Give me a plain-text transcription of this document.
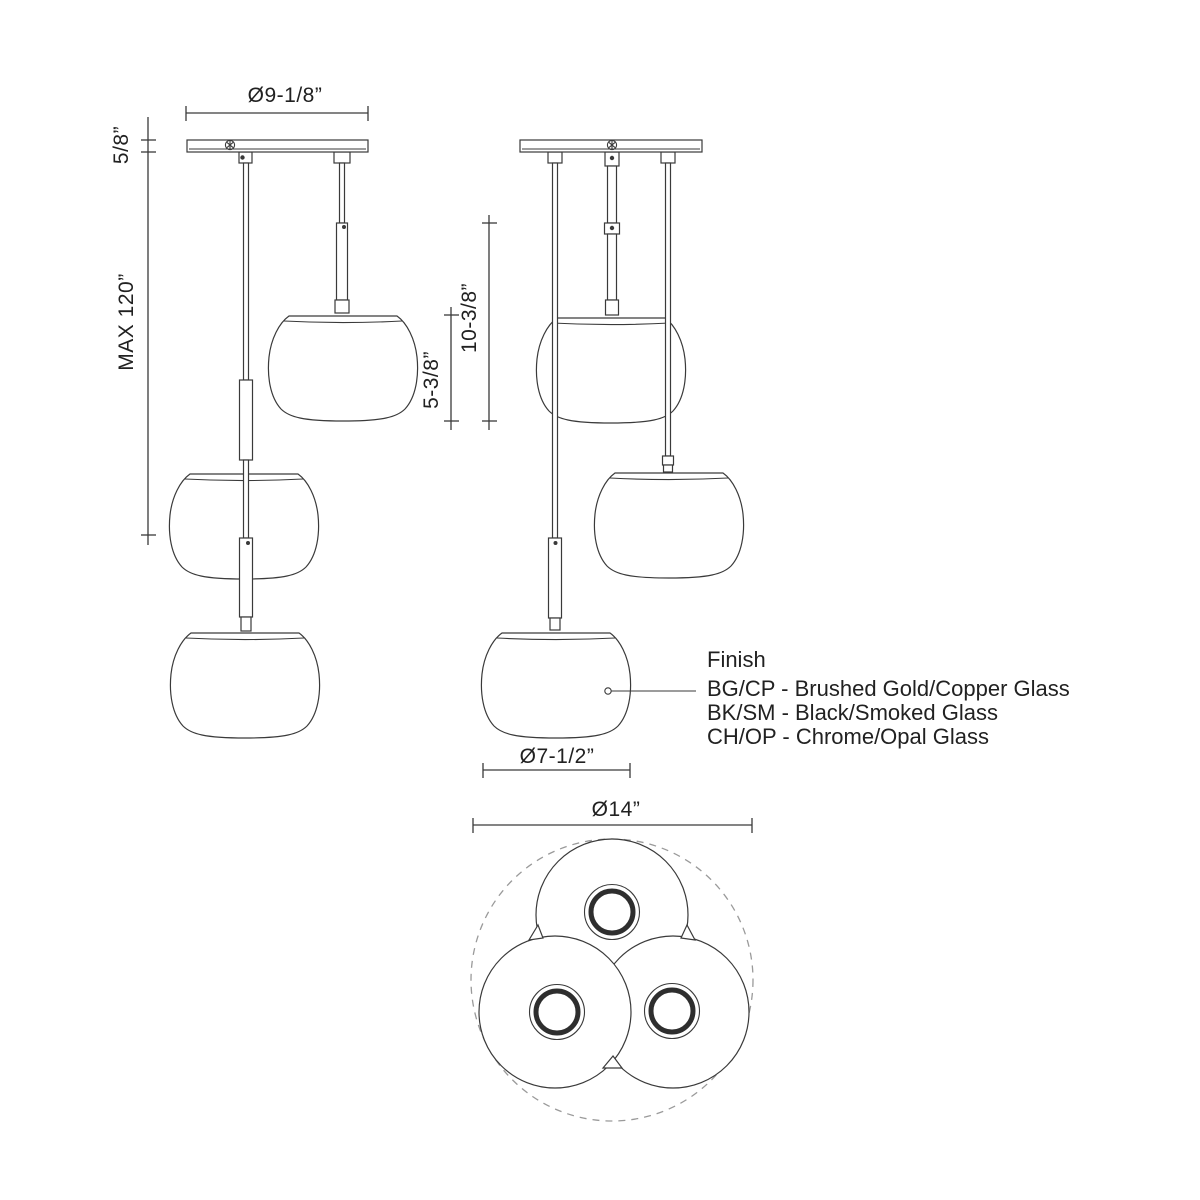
Ø9-1/8”
5/8”
MAX 120”	10-3/8”
5-3/8”
Ø7-1/2”
Finish
BG/CP - Brushed Gold/Copper Glass
BK/SM - Black/Smoked Glass
CH/OP - Chrome/Opal Glass
Ø14”
